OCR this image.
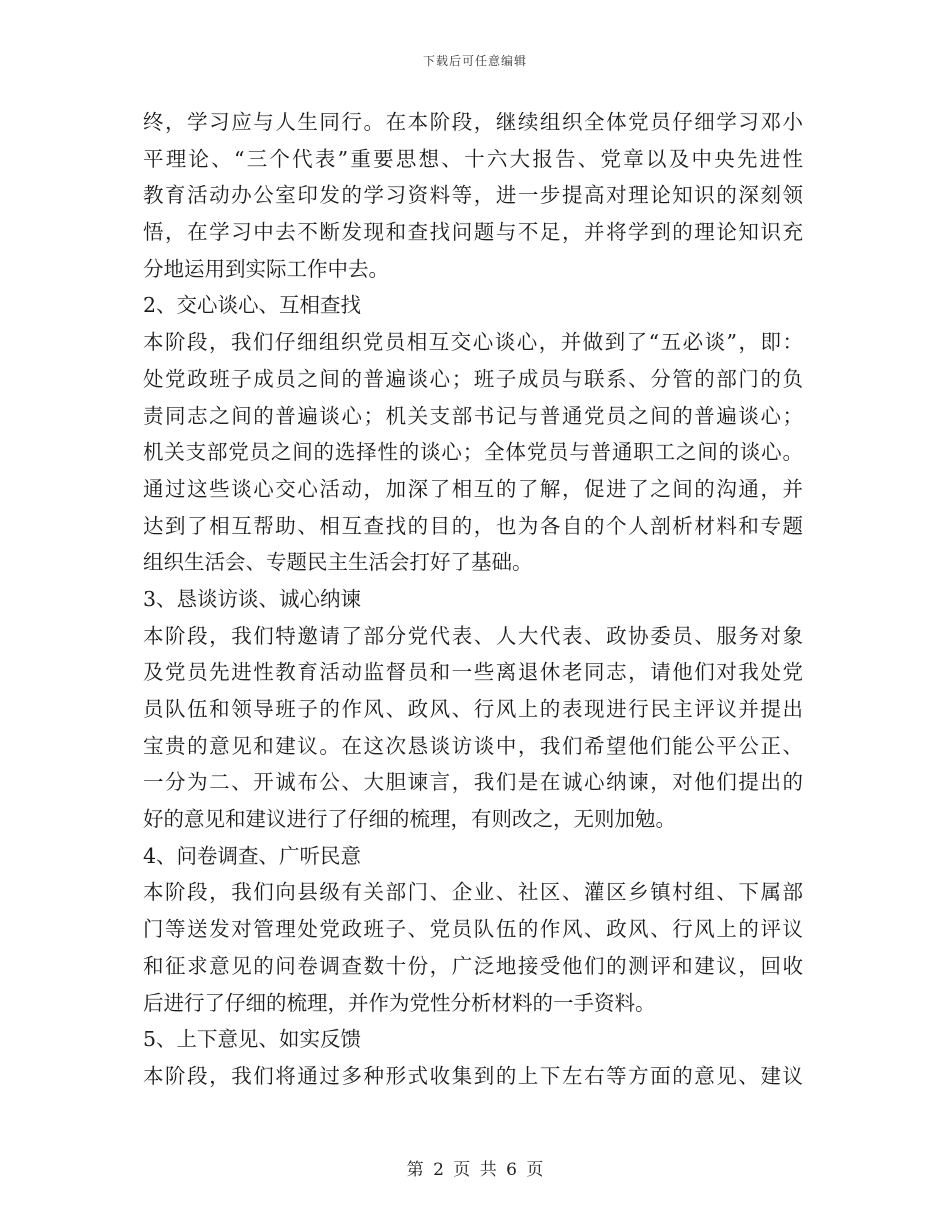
下载后可任意编辑
终，学习应与人生同行。在本阶段，继续组织全体党员仔细学习邓小
平理论、“三个代表”重要思想、十六大报告、党章以及中央先进性
教育活动办公室印发的学习资料等，进一步提高对理论知识的深刻领
悟，在学习中去不断发现和查找问题与不足，并将学到的理论知识充
分地运用到实际工作中去。
2、交心谈心、互相查找
本阶段，我们仔细组织党员相互交心谈心，并做到了“五必谈”，即：
处党政班子成员之间的普遍谈心；班子成员与联系、分管的部门的负
责同志之间的普遍谈心；机关支部书记与普通党员之间的普遍谈心；
机关支部党员之间的选择性的谈心；全体党员与普通职工之间的谈心。
通过这些谈心交心活动，加深了相互的了解，促进了之间的沟通，并
达到了相互帮助、相互查找的目的，也为各自的个人剖析材料和专题
组织生活会、专题民主生活会打好了基础。
3、恳谈访谈、诚心纳谏
本阶段，我们特邀请了部分党代表、人大代表、政协委员、服务对象
及党员先进性教育活动监督员和一些离退休老同志，请他们对我处党
员队伍和领导班子的作风、政风、行风上的表现进行民主评议并提出
宝贵的意见和建议。在这次恳谈访谈中，我们希望他们能公平公正、
一分为二、开诚布公、大胆谏言，我们是在诚心纳谏，对他们提出的
好的意见和建议进行了仔细的梳理，有则改之，无则加勉。
4、问卷调查、广听民意
本阶段，我们向县级有关部门、企业、社区、灌区乡镇村组、下属部
门等送发对管理处党政班子、党员队伍的作风、政风、行风上的评议
和征求意见的问卷调查数十份，广泛地接受他们的测评和建议，回收
后进行了仔细的梳理，并作为党性分析材料的一手资料。
5、上下意见、如实反馈
本阶段，我们将通过多种形式收集到的上下左右等方面的意见、建议
第 2 页 共 6 页
